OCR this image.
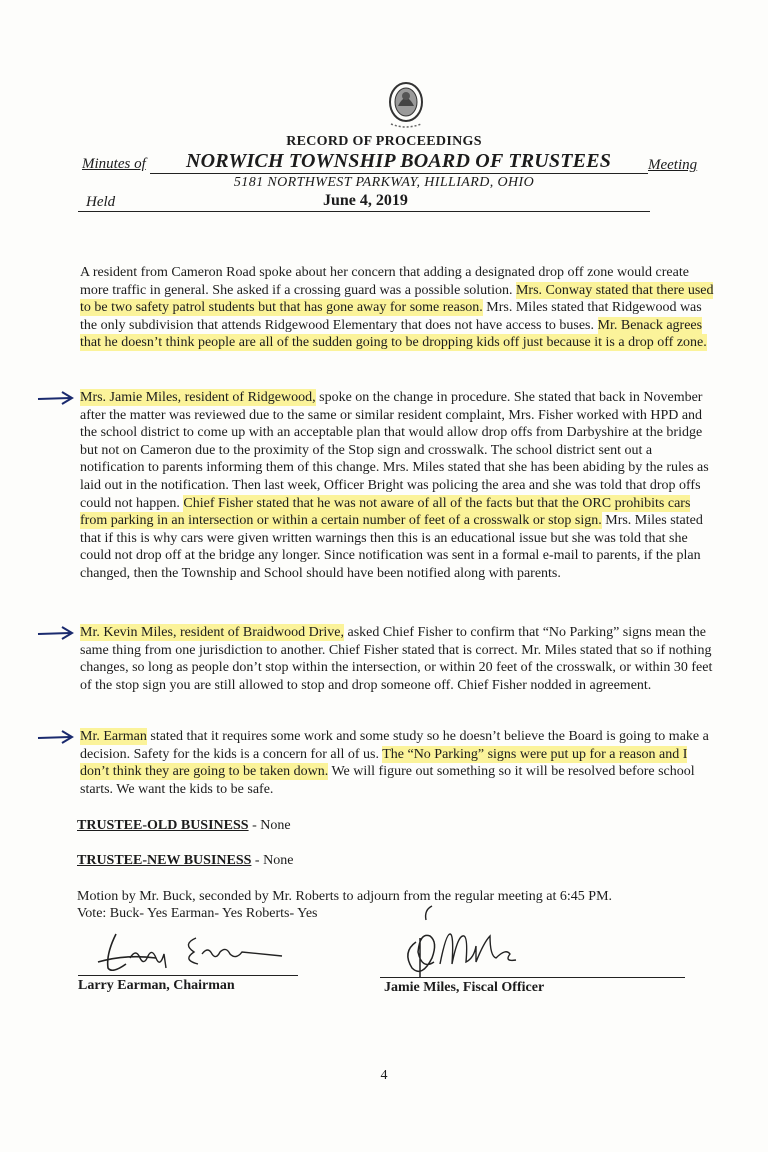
RECORD OF PROCEEDINGS
Minutes of NORWICH TOWNSHIP BOARD OF TRUSTEES Meeting
5181 NORTHWEST PARKWAY, HILLIARD, OHIO
Held	June 4, 2019

A resident from Cameron Road spoke about her concern that adding a designated drop off zone would create more traffic in general. She asked if a crossing guard was a possible solution. Mrs. Conway stated that there used to be two safety patrol students but that has gone away for some reason. Mrs. Miles stated that Ridgewood was the only subdivision that attends Ridgewood Elementary that does not have access to buses. Mr. Benack agrees that he doesn’t think people are all of the sudden going to be dropping kids off just because it is a drop off zone.

Mrs. Jamie Miles, resident of Ridgewood, spoke on the change in procedure. She stated that back in November after the matter was reviewed due to the same or similar resident complaint, Mrs. Fisher worked with HPD and the school district to come up with an acceptable plan that would allow drop offs from Darbyshire at the bridge but not on Cameron due to the proximity of the Stop sign and crosswalk. The school district sent out a notification to parents informing them of this change. Mrs. Miles stated that she has been abiding by the rules as laid out in the notification. Then last week, Officer Bright was policing the area and she was told that drop offs could not happen. Chief Fisher stated that he was not aware of all of the facts but that the ORC prohibits cars from parking in an intersection or within a certain number of feet of a crosswalk or stop sign. Mrs. Miles stated that if this is why cars were given written warnings then this is an educational issue but she was told that she could not drop off at the bridge any longer. Since notification was sent in a formal e-mail to parents, if the plan changed, then the Township and School should have been notified along with parents.

Mr. Kevin Miles, resident of Braidwood Drive, asked Chief Fisher to confirm that “No Parking” signs mean the same thing from one jurisdiction to another. Chief Fisher stated that is correct. Mr. Miles stated that so if nothing changes, so long as people don’t stop within the intersection, or within 20 feet of the crosswalk, or within 30 feet of the stop sign you are still allowed to stop and drop someone off. Chief Fisher nodded in agreement.

Mr. Earman stated that it requires some work and some study so he doesn’t believe the Board is going to make a decision. Safety for the kids is a concern for all of us. The “No Parking” signs were put up for a reason and I don’t think they are going to be taken down. We will figure out something so it will be resolved before school starts. We want the kids to be safe.

TRUSTEE-OLD BUSINESS - None
TRUSTEE-NEW BUSINESS - None
Motion by Mr. Buck, seconded by Mr. Roberts to adjourn from the regular meeting at 6:45 PM.
Vote: Buck- Yes Earman- Yes Roberts- Yes
Larry Earman, Chairman	Jamie Miles, Fiscal Officer
4
